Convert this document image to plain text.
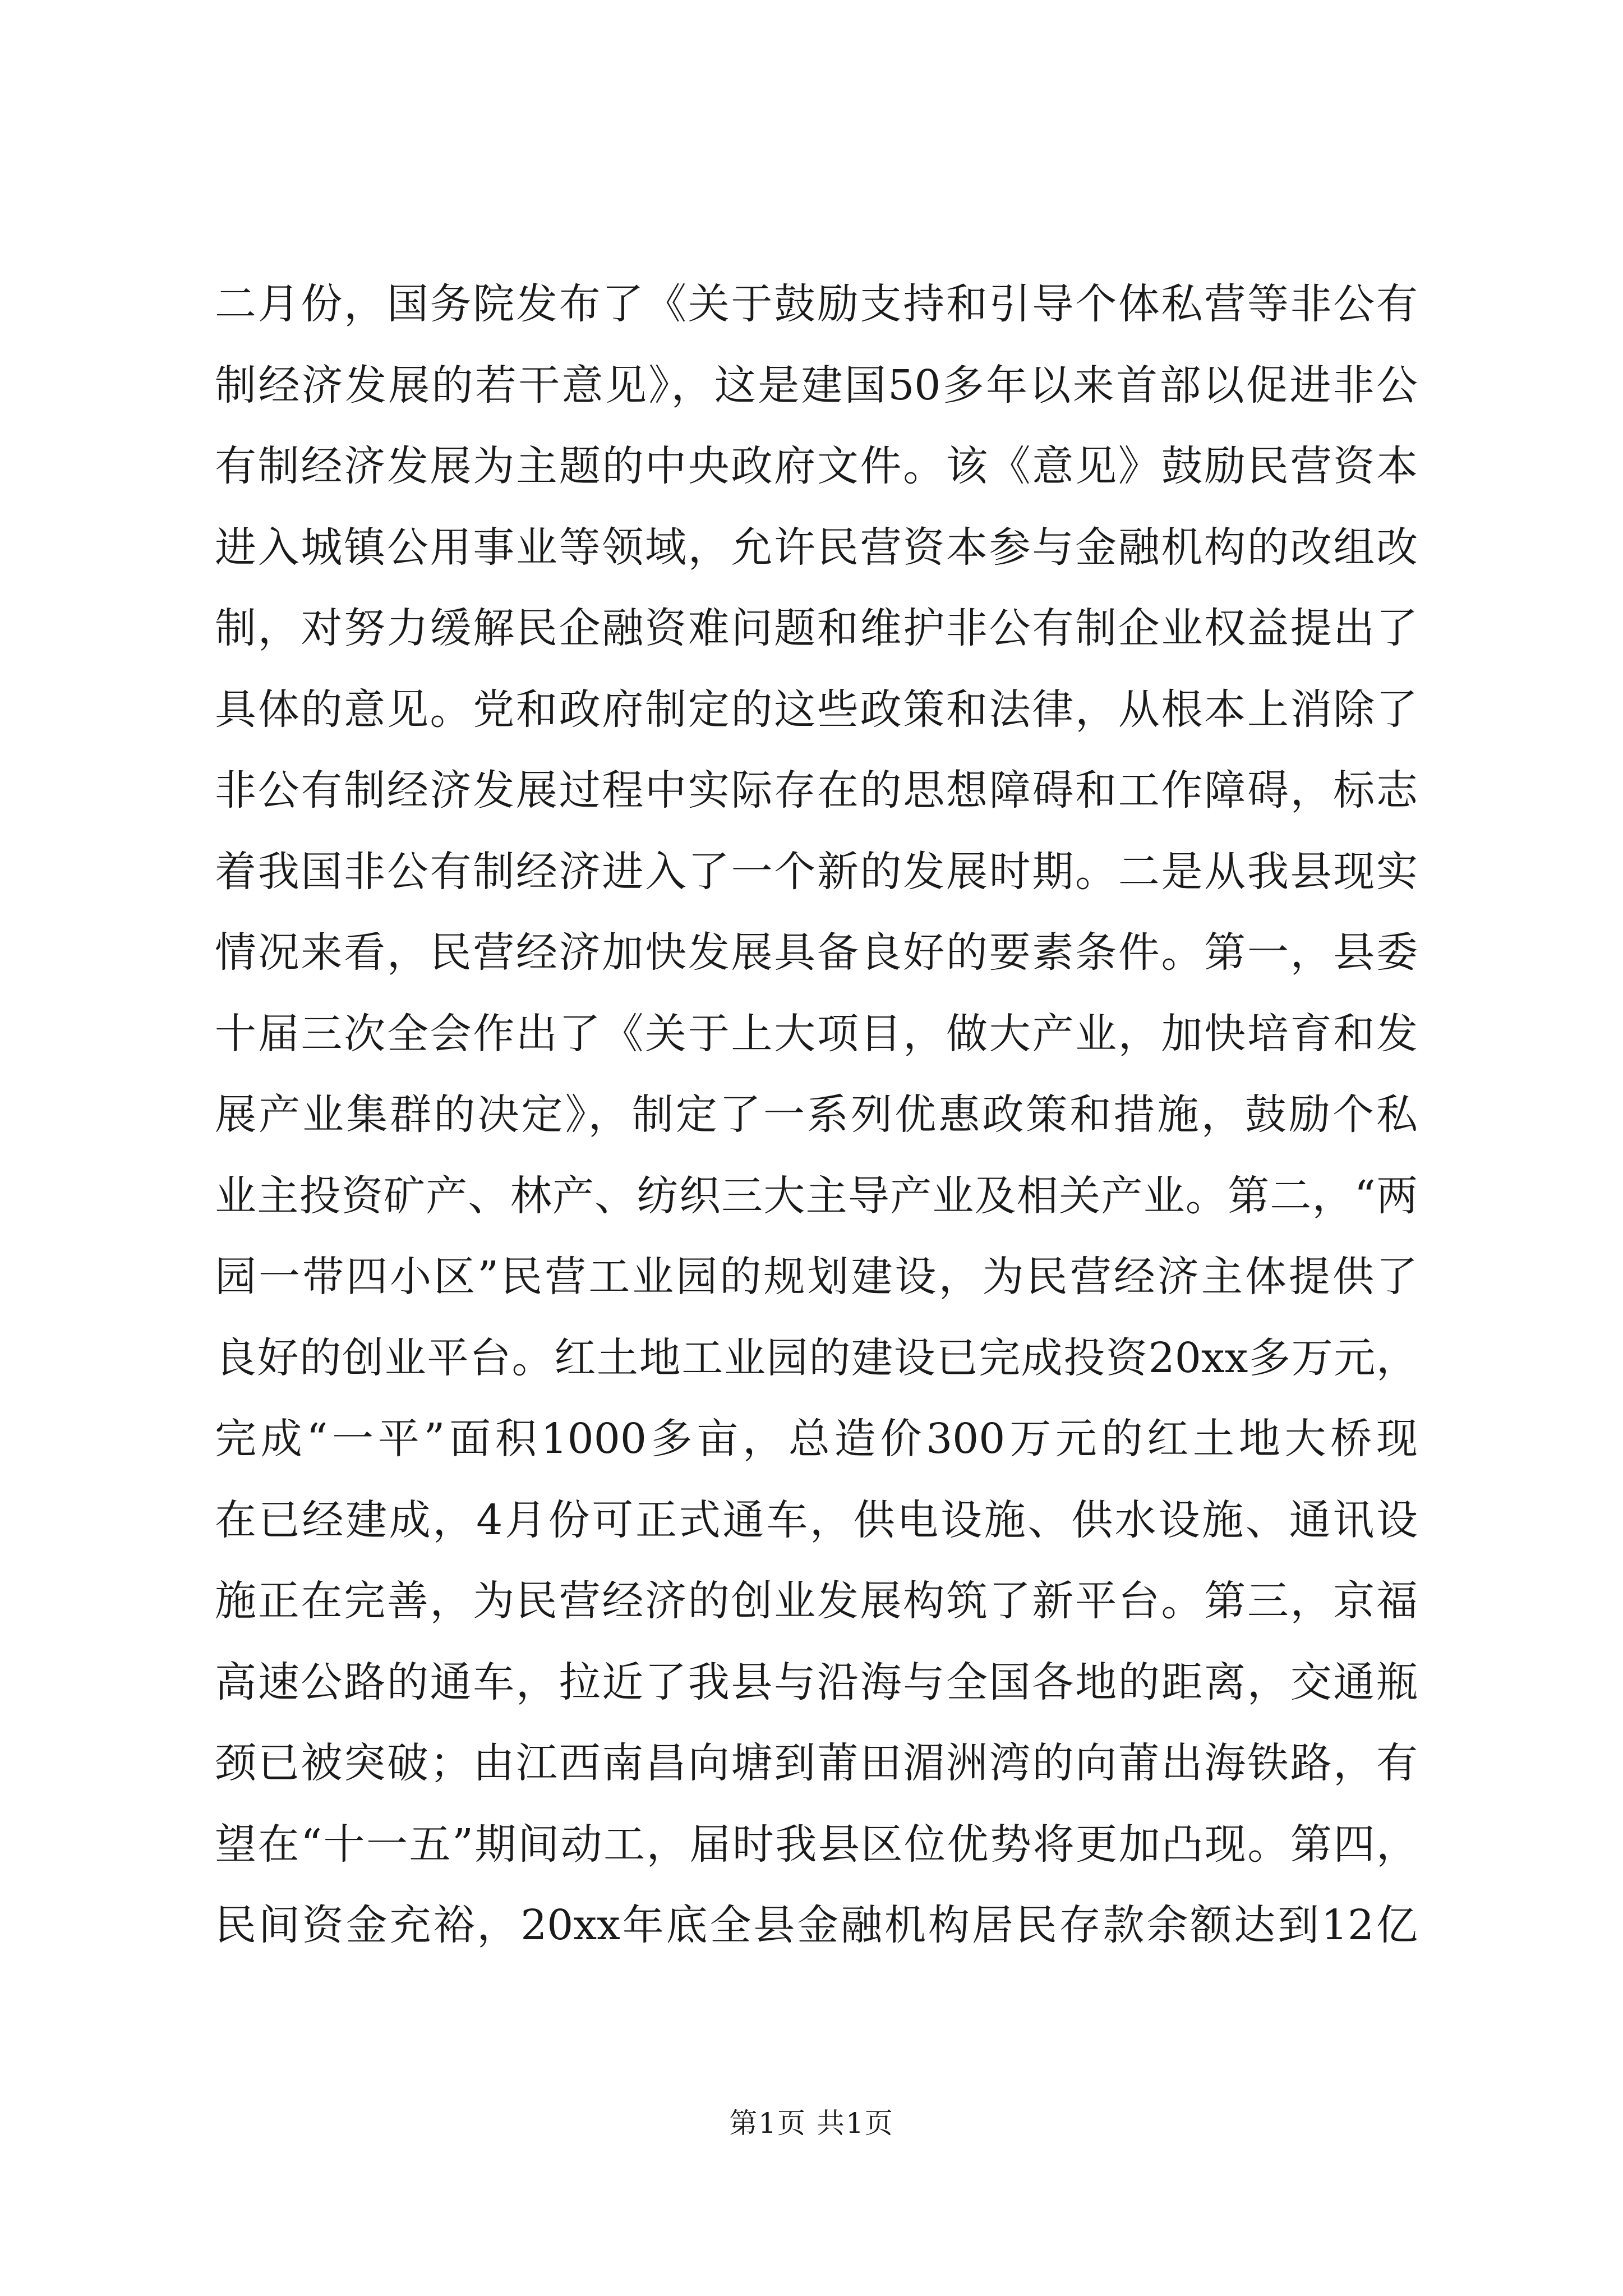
二月份，国务院发布了《关于鼓励支持和引导个体私营等非公有
制经济发展的若干意见》，这是建国50多年以来首部以促进非公
有制经济发展为主题的中央政府文件。该《意见》鼓励民营资本
进入城镇公用事业等领域，允许民营资本参与金融机构的改组改
制，对努力缓解民企融资难问题和维护非公有制企业权益提出了
具体的意见。党和政府制定的这些政策和法律，从根本上消除了
非公有制经济发展过程中实际存在的思想障碍和工作障碍，标志
着我国非公有制经济进入了一个新的发展时期。二是从我县现实
情况来看，民营经济加快发展具备良好的要素条件。第一，县委
十届三次全会作出了《关于上大项目，做大产业，加快培育和发
展产业集群的决定》，制定了一系列优惠政策和措施，鼓励个私
业主投资矿产、林产、纺织三大主导产业及相关产业。第二，“两
园一带四小区”民营工业园的规划建设，为民营经济主体提供了
良好的创业平台。红土地工业园的建设已完成投资20xx多万元，
完成“一平”面积1000多亩，总造价300万元的红土地大桥现
在已经建成，4月份可正式通车，供电设施、供水设施、通讯设
施正在完善，为民营经济的创业发展构筑了新平台。第三，京福
高速公路的通车，拉近了我县与沿海与全国各地的距离，交通瓶
颈已被突破；由江西南昌向塘到莆田湄洲湾的向莆出海铁路，有
望在“十一五”期间动工，届时我县区位优势将更加凸现。第四，
民间资金充裕，20xx年底全县金融机构居民存款余额达到12亿
第1页 共1页
